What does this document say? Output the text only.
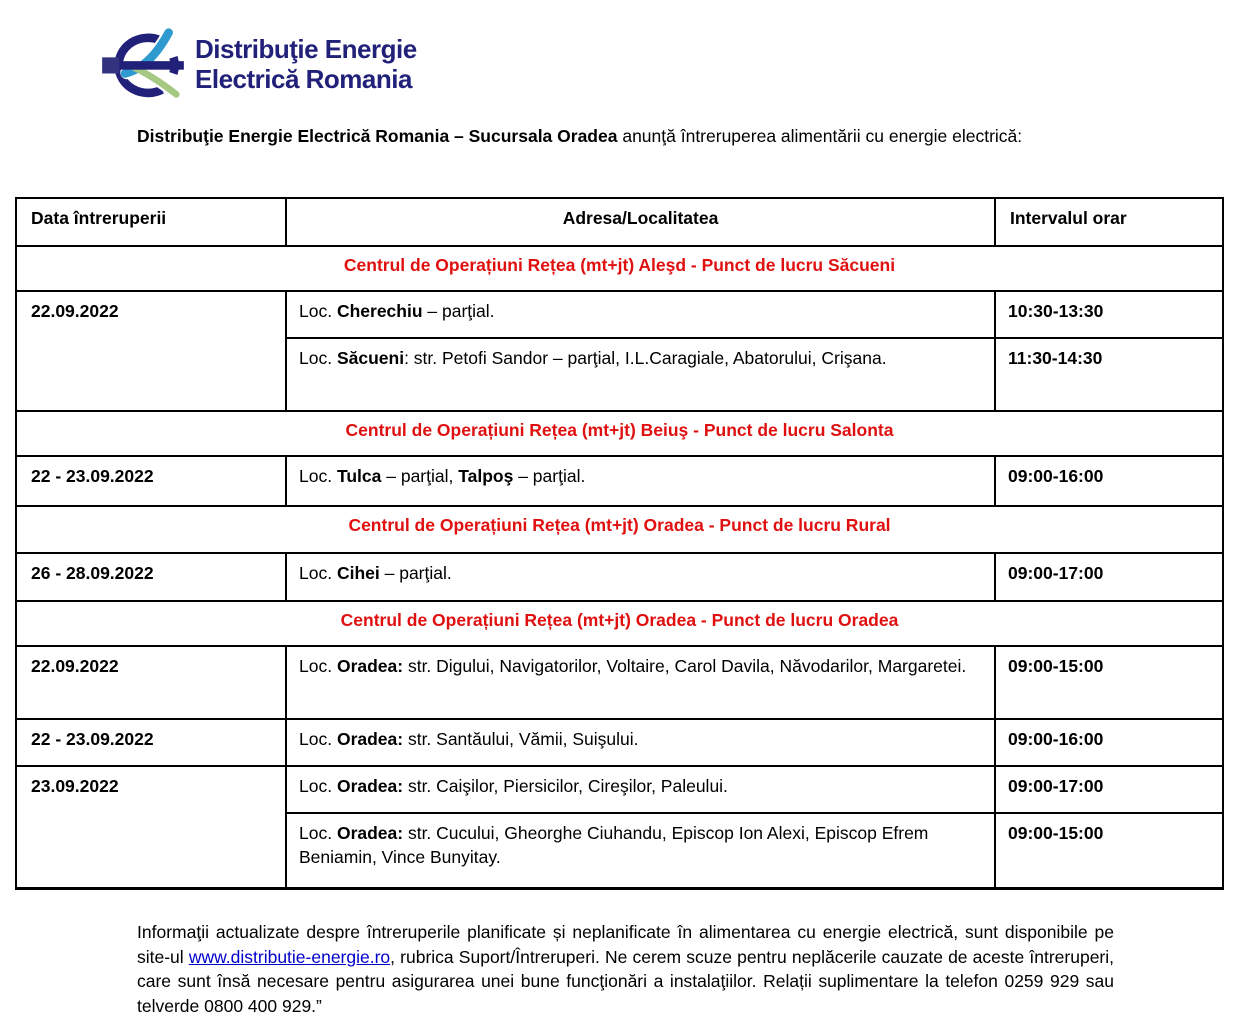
Distribuţie Energie
Electrică Romania

Distribuţie Energie Electrică Romania – Sucursala Oradea anunţă întreruperea alimentării cu energie electrică:

Data întreruperii	Adresa/Localitatea	Intervalul orar
Centrul de Operațiuni Rețea (mt+jt) Aleşd - Punct de lucru Săcueni		
22.09.2022	Loc. Cherechiu – parţial.	10:30-13:30
	Loc. Săcueni: str. Petofi Sandor – parţial, I.L.Caragiale, Abatorului, Crişana.	11:30-14:30
Centrul de Operațiuni Rețea (mt+jt) Beiuş - Punct de lucru Salonta		
22 - 23.09.2022	Loc. Tulca – parţial, Talpoş – parţial.	09:00-16:00
Centrul de Operațiuni Rețea (mt+jt) Oradea - Punct de lucru Rural		
26 - 28.09.2022	Loc. Cihei – parţial.	09:00-17:00
Centrul de Operațiuni Rețea (mt+jt) Oradea - Punct de lucru Oradea		
22.09.2022	Loc. Oradea: str. Digului, Navigatorilor, Voltaire, Carol Davila, Năvodarilor, Margaretei.	09:00-15:00
22 - 23.09.2022	Loc. Oradea: str. Santăului, Vămii, Suişului.	09:00-16:00
23.09.2022	Loc. Oradea: str. Caişilor, Piersicilor, Cireşilor, Paleului.	09:00-17:00
	Loc. Oradea: str. Cucului, Gheorghe Ciuhandu, Episcop Ion Alexi, Episcop Efrem Beniamin, Vince Bunyitay.	09:00-15:00

Informaţii actualizate despre întreruperile planificate și neplanificate în alimentarea cu energie electrică, sunt disponibile pe site-ul www.distributie-energie.ro, rubrica Suport/Întreruperi. Ne cerem scuze pentru neplăcerile cauzate de aceste întreruperi, care sunt însă necesare pentru asigurarea unei bune funcţionări a instalaţiilor. Relații suplimentare la telefon 0259 929 sau telverde 0800 400 929.”
